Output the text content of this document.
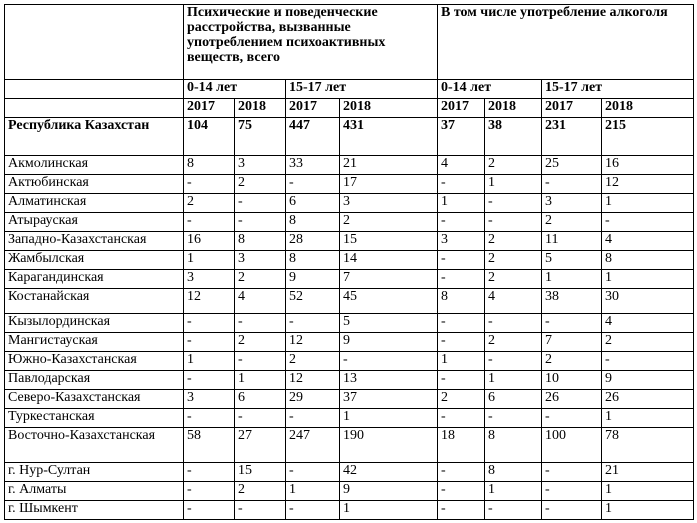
	Психические и поведенческие расстройства, вызванные употреблением психоактивных веществ, всего				В том числе употребление алкоголя			
	0-14 лет		15-17 лет		0-14 лет		15-17 лет	
	2017	2018	2017	2018	2017	2018	2017	2018
Республика Казахстан	104	75	447	431	37	38	231	215
Акмолинская	8	3	33	21	4	2	25	16
Актюбинская	-	2	-	17	-	1	-	12
Алматинская	2	-	6	3	1	-	3	1
Атырауская	-	-	8	2	-	-	2	-
Западно-Казахстанская	16	8	28	15	3	2	11	4
Жамбылская	1	3	8	14	-	2	5	8
Карагандинская	3	2	9	7	-	2	1	1
Костанайская	12	4	52	45	8	4	38	30
Кызылординская	-	-	-	5	-	-	-	4
Мангистауская	-	2	12	9	-	2	7	2
Южно-Казахстанская	1	-	2	-	1	-	2	-
Павлодарская	-	1	12	13	-	1	10	9
Северо-Казахстанская	3	6	29	37	2	6	26	26
Туркестанская	-	-	-	1	-	-	-	1
Восточно-Казахстанская	58	27	247	190	18	8	100	78
г. Нур-Султан	-	15	-	42	-	8	-	21
г. Алматы	-	2	1	9	-	1	-	1
г. Шымкент	-	-	-	1	-	-	-	1
